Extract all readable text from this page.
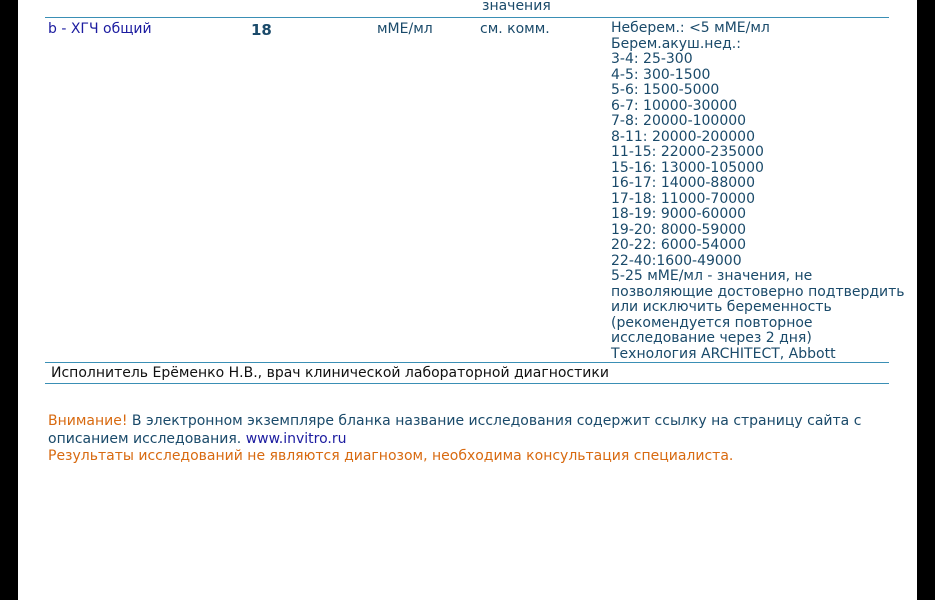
значения
b - ХГЧ общий	18	мМЕ/мл	см. комм.	Неберем.: <5 мМЕ/мл
Берем.акуш.нед.:
3-4: 25-300
4-5: 300-1500
5-6: 1500-5000
6-7: 10000-30000
7-8: 20000-100000
8-11: 20000-200000
11-15: 22000-235000
15-16: 13000-105000
16-17: 14000-88000
17-18: 11000-70000
18-19: 9000-60000
19-20: 8000-59000
20-22: 6000-54000
22-40:1600-49000
5-25 мМЕ/мл - значения, не
позволяющие достоверно подтвердить
или исключить беременность
(рекомендуется повторное
исследование через 2 дня)
Технология ARCHITECT, Abbott
Исполнитель Ерёменко Н.В., врач клинической лабораторной диагностики
Внимание! В электронном экземпляре бланка название исследования содержит ссылку на страницу сайта с описанием исследования. www.invitro.ru
Результаты исследований не являются диагнозом, необходима консультация специалиста.
